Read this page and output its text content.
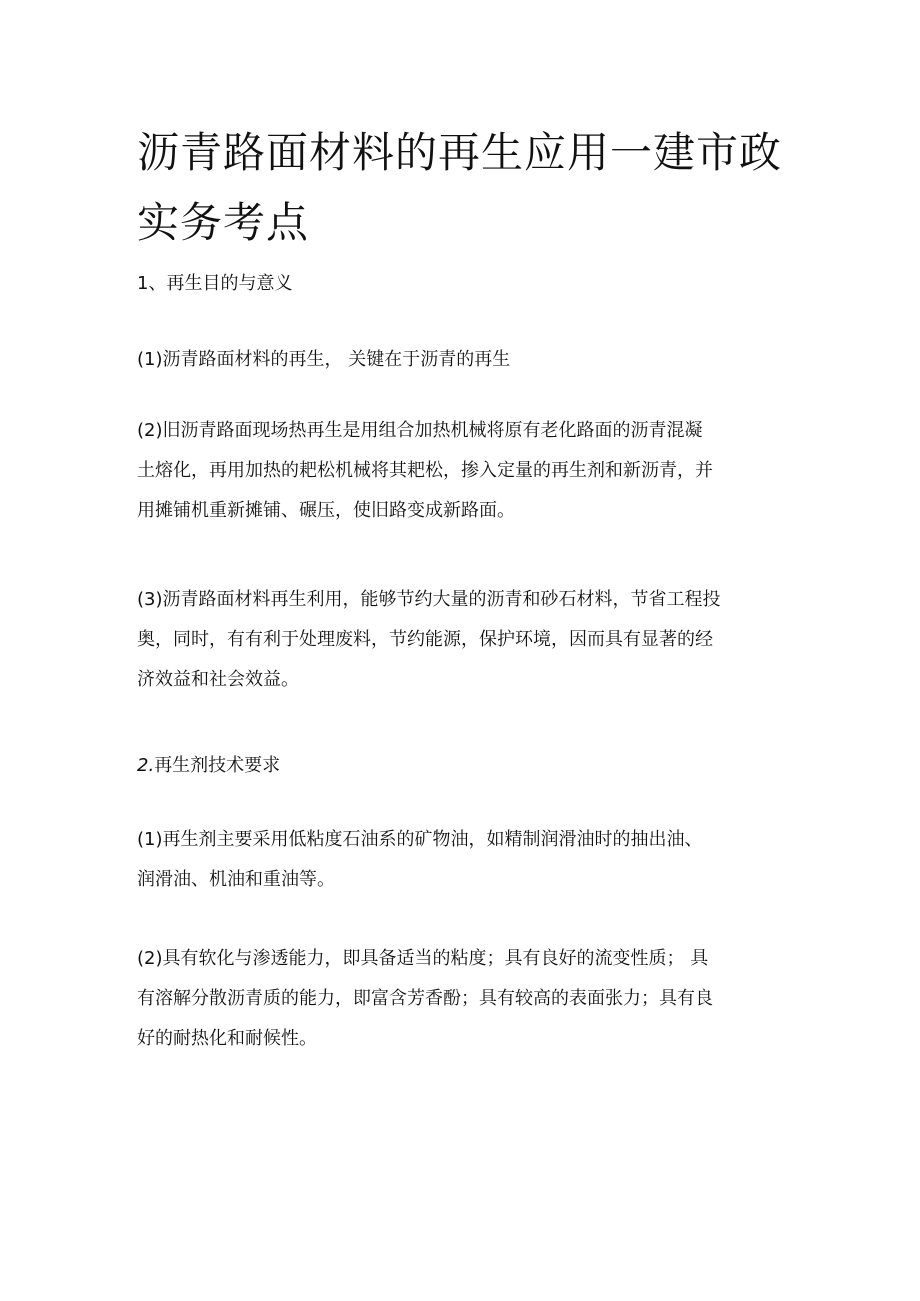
沥青路面材料的再生应用一建市政
实务考点
1、再生目的与意义
(1)沥青路面材料的再生， 关键在于沥青的再生
(2)旧沥青路面现场热再生是用组合加热机械将原有老化路面的沥青混凝
土熔化，再用加热的耙松机械将其耙松，掺入定量的再生剂和新沥青，并
用摊铺机重新摊铺、碾压，使旧路变成新路面。
(3)沥青路面材料再生利用，能够节约大量的沥青和砂石材料，节省工程投
奥，同时，有有利于处理废料，节约能源，保护环境，因而具有显著的经
济效益和社会效益。
2.再生剂技术要求
(1)再生剂主要采用低粘度石油系的矿物油，如精制润滑油时的抽出油、
润滑油、机油和重油等。
(2)具有软化与渗透能力，即具备适当的粘度；具有良好的流变性质； 具
有溶解分散沥青质的能力，即富含芳香酚；具有较高的表面张力；具有良
好的耐热化和耐候性。
